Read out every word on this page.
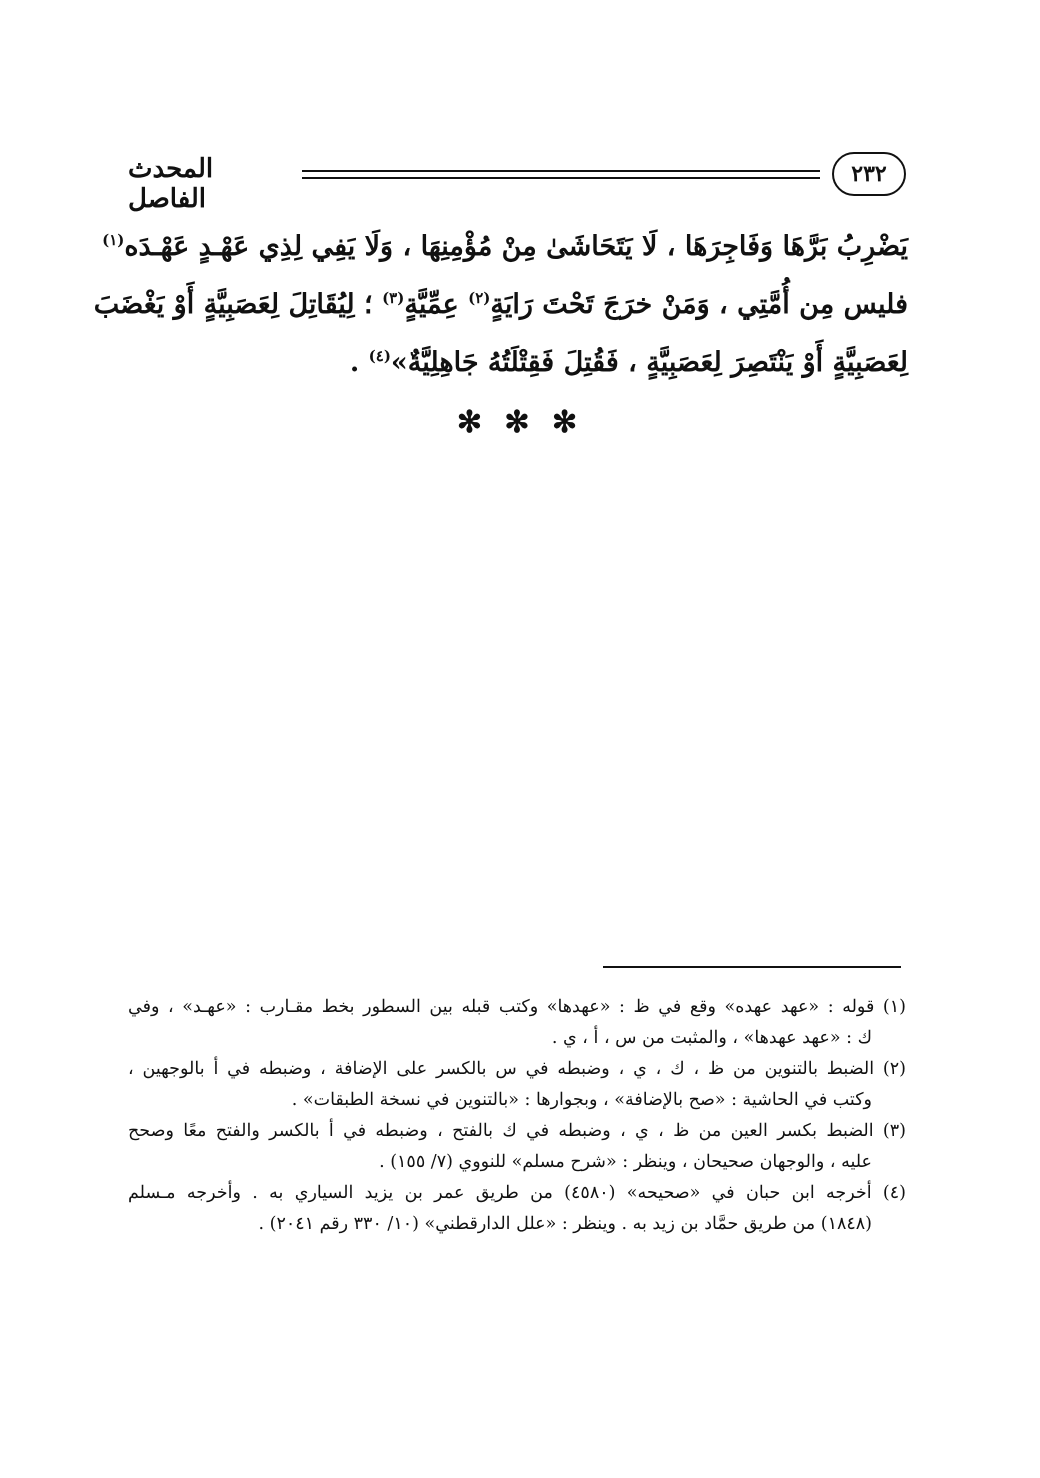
٢٣٢
المحدث الفاصل
يَضْرِبُ بَرَّهَا وَفَاجِرَهَا ، لَا يَتَحَاشَىٰ مِنْ مُؤْمِنِهَا ، وَلَا يَفِي لِذِي عَهْـدٍ عَهْـدَه$^{(١)}$
فليس مِن أُمَّتِي ، وَمَنْ خرَجَ تَحْتَ رَايَةٍ$^{(٢)}$ عِمِّيَّةٍ$^{(٣)}$ ؛ لِيُقَاتِلَ لِعَصَبِيَّةٍ أَوْ يَغْضَبَ
لِعَصَبِيَّةٍ أَوْ يَنْتَصِرَ لِعَصَبِيَّةٍ ، فَقُتِلَ فَقِتْلَتُهُ جَاهِلِيَّةٌ»$^{(٤)}$ .
✻ ✻ ✻

(١) قوله : «عهد عهده» وقع في ظ : «عهدها» وكتب قبله بين السطور بخط مقـارب : «عهـد» ، وفي
ك : «عهد عهدها» ، والمثبت من س ، أ ، ي .

(٢) الضبط بالتنوين من ظ ، ك ، ي ، وضبطه في س بالكسر على الإضافة ، وضبطه في أ بالوجهين ،
وكتب في الحاشية : «صح بالإضافة» ، وبجوارها : «بالتنوين في نسخة الطبقات» .

(٣) الضبط بكسر العين من ظ ، ي ، وضبطه في ك بالفتح ، وضبطه في أ بالكسر والفتح معًا وصحح
عليه ، والوجهان صحيحان ، وينظر : «شرح مسلم» للنووي (٧/ ١٥٥) .

(٤) أخرجه ابن حبان في «صحيحه» (٤٥٨٠) من طريق عمر بن يزيد السياري به . وأخرجه مـسلم
(١٨٤٨) من طريق حمَّاد بن زيد به . وينظر : «علل الدارقطني» (١٠/ ٣٣٠ رقم ٢٠٤١) .
